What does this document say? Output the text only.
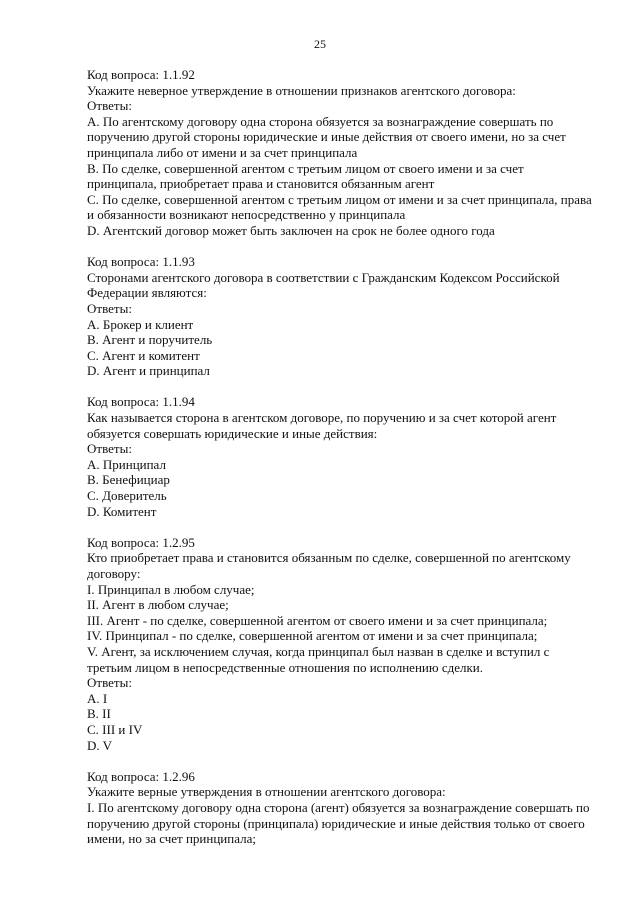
25
Код вопроса: 1.1.92
Укажите неверное утверждение в отношении признаков агентского договора:
Ответы:
А. По агентскому договору одна сторона обязуется за вознаграждение совершать по
поручению другой стороны юридические и иные действия от своего имени, но за счет
принципала либо от имени и за счет принципала
В. По сделке, совершенной агентом с третьим лицом от своего имени и за счет
принципала, приобретает права и становится обязанным агент
С. По сделке, совершенной агентом с третьим лицом от имени и за счет принципала, права
и обязанности возникают непосредственно у принципала
D. Агентский договор может быть заключен на срок не более одного года
Код вопроса: 1.1.93
Сторонами агентского договора в соответствии с Гражданским Кодексом Российской
Федерации являются:
Ответы:
А. Брокер и клиент
В. Агент и поручитель
С. Агент и комитент
D. Агент и принципал
Код вопроса: 1.1.94
Как называется сторона в агентском договоре, по поручению и за счет которой агент
обязуется совершать юридические и иные действия:
Ответы:
А. Принципал
В. Бенефициар
С. Доверитель
D. Комитент
Код вопроса: 1.2.95
Кто приобретает права и становится обязанным по сделке, совершенной по агентскому
договору:
I. Принципал в любом случае;
II. Агент в любом случае;
III. Агент - по сделке, совершенной агентом от своего имени и за счет принципала;
IV. Принципал - по сделке, совершенной агентом от имени и за счет принципала;
V. Агент, за исключением случая, когда принципал был назван в сделке и вступил с
третьим лицом в непосредственные отношения по исполнению сделки.
Ответы:
A. I
B. II
C. III и IV
D. V
Код вопроса: 1.2.96
Укажите верные утверждения в отношении агентского договора:
I. По агентскому договору одна сторона (агент) обязуется за вознаграждение совершать по
поручению другой стороны (принципала) юридические и иные действия только от своего
имени, но за счет принципала;
